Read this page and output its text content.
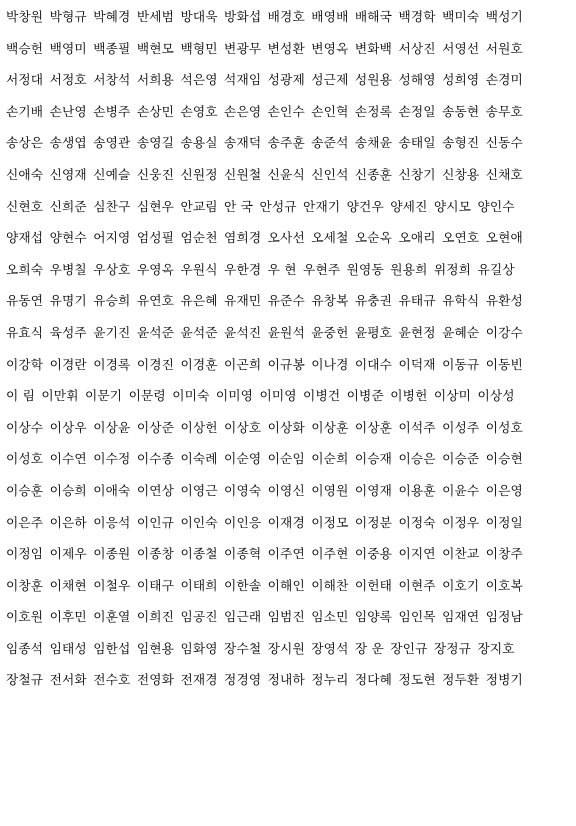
박창원 박형규 박혜경 반세범 방대욱 방화섭 배경호 배영배 배해국 백경학 백미숙 백성기
백승헌 백영미 백종필 백현모 백형민 변광무 변성환 변영옥 변화백 서상진 서영선 서원호
서정대 서정호 서창석 서희용 석은영 석재임 성광제 성근제 성원용 성해영 성희영 손경미
손기배 손난영 손병주 손상민 손영호 손은영 손인수 손인혁 손정록 손정일 송동현 송무호
송상은 송생엽 송영관 송영길 송용실 송재덕 송주훈 송준석 송채윤 송태일 송형진 신동수
신애숙 신영재 신예슬 신웅진 신원정 신원철 신윤식 신인석 신종훈 신창기 신창용 신채호
신현호 신희준 심찬구 심현우 안교림 안 국 안성규 안재기 양건우 양세진 양시모 양인수
양재섭 양현수 어지영 엄성필 엄순천 염희경 오사선 오세철 오순옥 오애리 오연호 오현애
오희숙 우병칠 우상호 우영옥 우원식 우한경 우 현 우현주 원영동 원용희 위정희 유길상
유동연 유명기 유승희 유연호 유은혜 유재민 유준수 유창복 유충권 유태규 유학식 유환성
유효식 육성주 윤기진 윤석준 윤석준 윤석진 윤원석 윤중헌 윤평호 윤현정 윤혜순 이강수
이강학 이경란 이경록 이경진 이경훈 이곤희 이규봉 이나경 이대수 이덕재 이동규 이동빈
이 림 이만휘 이문기 이문령 이미숙 이미영 이미영 이병건 이병준 이병헌 이상미 이상성
이상수 이상우 이상윤 이상준 이상헌 이상호 이상화 이상훈 이상훈 이석주 이성주 이성호
이성호 이수연 이수정 이수종 이숙례 이순영 이순임 이순희 이승재 이승은 이승준 이승현
이승훈 이승희 이애숙 이연상 이영근 이영숙 이영신 이영원 이영재 이용훈 이윤수 이은영
이은주 이은하 이응석 이인규 이인숙 이인응 이재경 이정모 이정분 이정숙 이정우 이정일
이정임 이제우 이종원 이종창 이종철 이종혁 이주연 이주현 이중용 이지연 이찬교 이창주
이창훈 이채현 이철우 이태구 이태희 이한솔 이해인 이해찬 이헌태 이현주 이호기 이호복
이호원 이후민 이훈열 이희진 임공진 임근래 임범진 임소민 임양록 임인목 임재연 임정남
임종석 임태성 임한섭 임현용 임화영 장수철 장시원 장영석 장 운 장인규 장정규 장지호
장철규 전서화 전수호 전영화 전재경 정경영 정내하 정누리 정다혜 정도현 정두환 정병기
